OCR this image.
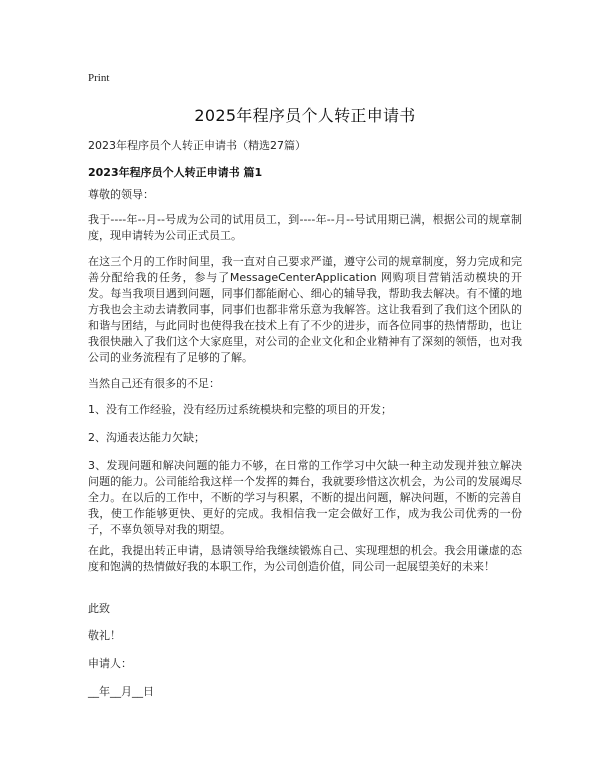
Print
2025年程序员个人转正申请书
2023年程序员个人转正申请书（精选27篇）
2023年程序员个人转正申请书 篇1
尊敬的领导：
我于----年--月--号成为公司的试用员工，到----年--月--号试用期已满，根据公司的规章制度，现申请转为公司正式员工。
在这三个月的工作时间里，我一直对自己要求严谨，遵守公司的规章制度，努力完成和完善分配给我的任务，参与了MessageCenterApplication 网购项目营销活动模块的开发。每当我项目遇到问题，同事们都能耐心、细心的辅导我，帮助我去解决。有不懂的地方我也会主动去请教同事，同事们也都非常乐意为我解答。这让我看到了我们这个团队的和谐与团结，与此同时也使得我在技术上有了不少的进步，而各位同事的热情帮助，也让我很快融入了我们这个大家庭里，对公司的企业文化和企业精神有了深刻的领悟，也对我公司的业务流程有了足够的了解。
当然自己还有很多的不足：
1、没有工作经验，没有经历过系统模块和完整的项目的开发；
2、沟通表达能力欠缺；
3、发现问题和解决问题的能力不够，在日常的工作学习中欠缺一种主动发现并独立解决问题的能力。公司能给我这样一个发挥的舞台，我就要珍惜这次机会，为公司的发展竭尽全力。在以后的工作中，不断的学习与积累，不断的提出问题，解决问题，不断的完善自我，使工作能够更快、更好的完成。我相信我一定会做好工作，成为我公司优秀的一份子，不辜负领导对我的期望。
在此，我提出转正申请，恳请领导给我继续锻炼自己、实现理想的机会。我会用谦虚的态度和饱满的热情做好我的本职工作，为公司创造价值，同公司一起展望美好的未来！
此致
敬礼！
申请人：
__年__月__日
